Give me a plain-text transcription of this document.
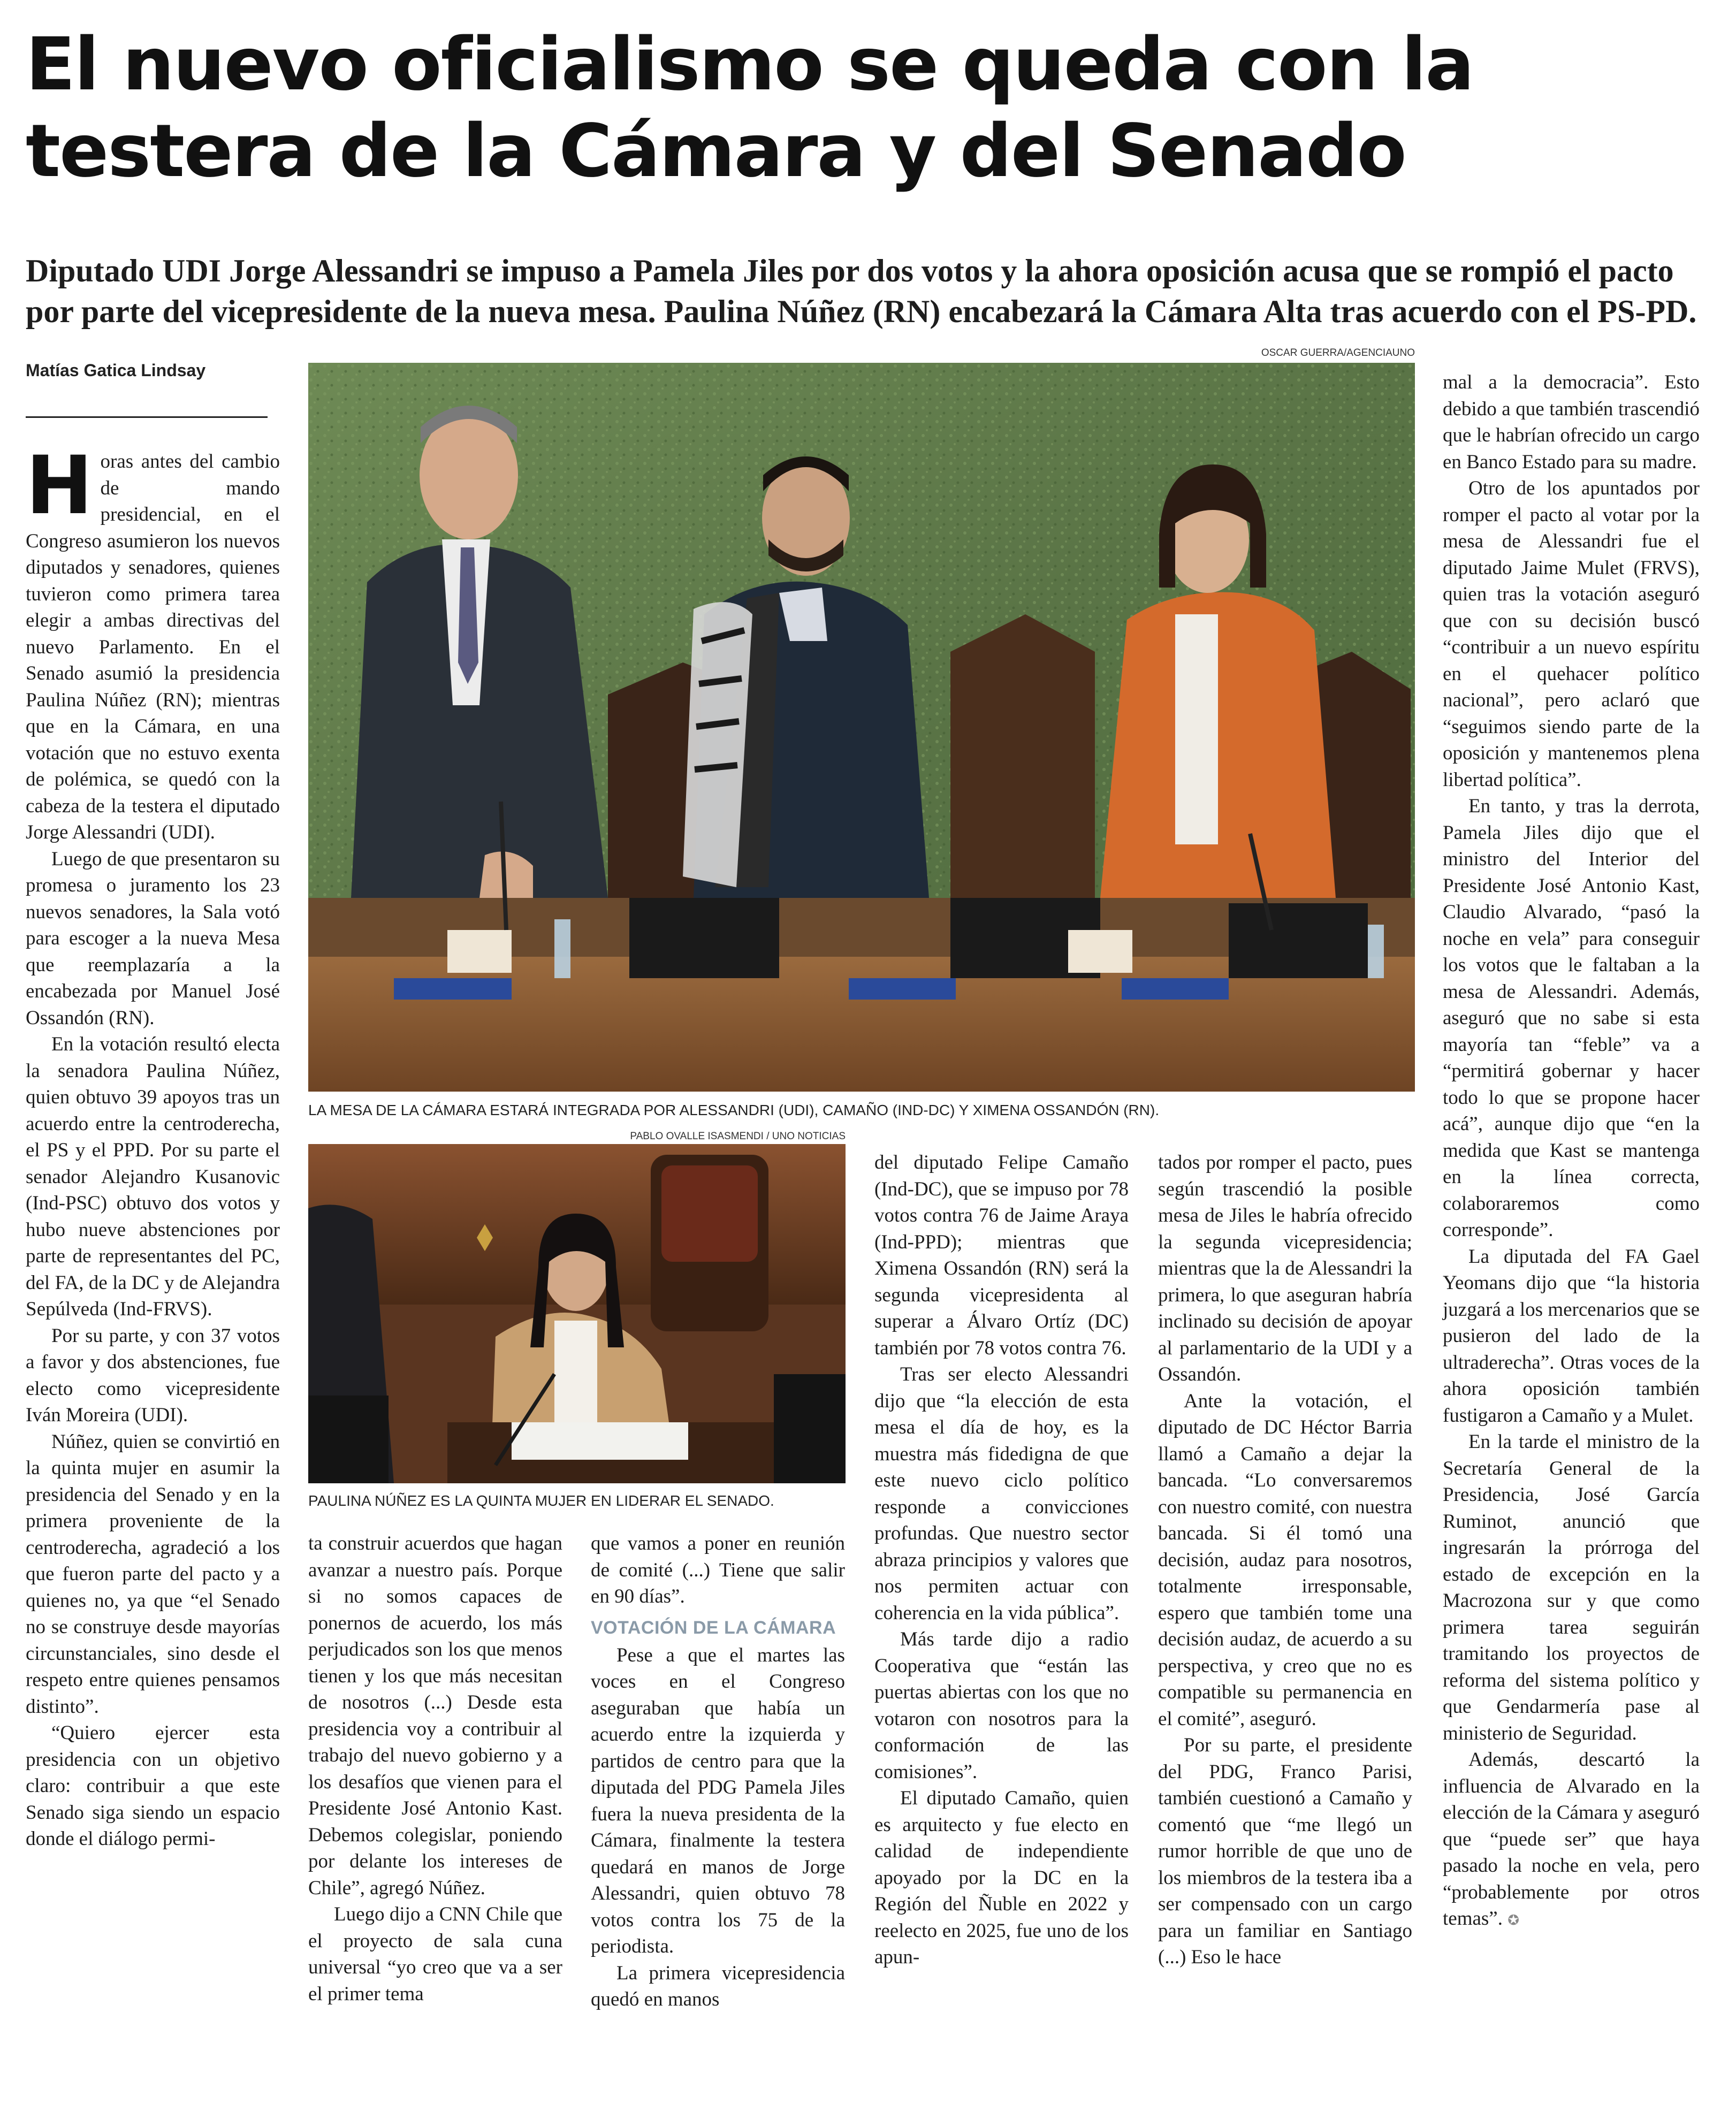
El nuevo oficialismo se queda con la
testera de la Cámara y del Senado
Diputado UDI Jorge Alessandri se impuso a Pamela Jiles por dos votos y la ahora oposición acusa que se rompió el pacto por parte del vicepresidente de la nueva mesa. Paulina Núñez (RN) encabezará la Cámara Alta tras acuerdo con el PS-PD.
Matías Gatica Lindsay

Horas antes del cambio de mando presidencial, en el Congreso asumieron los nuevos diputados y senadores, quienes tuvieron como primera tarea elegir a ambas directivas del nuevo Parlamento. En el Senado asumió la presidencia Paulina Núñez (RN); mientras que en la Cámara, en una votación que no estuvo exenta de polémica, se quedó con la cabeza de la testera el diputado Jorge Alessandri (UDI).

Luego de que presentaron su promesa o juramento los 23 nuevos senadores, la Sala votó para escoger a la nueva Mesa que reemplazaría a la encabezada por Manuel José Ossandón (RN).

En la votación resultó electa la senadora Paulina Núñez, quien obtuvo 39 apoyos tras un acuerdo entre la centroderecha, el PS y el PPD. Por su parte el senador Alejandro Kusanovic (Ind-PSC) obtuvo dos votos y hubo nueve abstenciones por parte de representantes del PC, del FA, de la DC y de Alejandra Sepúlveda (Ind-FRVS).

Por su parte, y con 37 votos a favor y dos abstenciones, fue electo como vicepresidente Iván Moreira (UDI).

Núñez, quien se convirtió en la quinta mujer en asumir la presidencia del Senado y en la primera proveniente de la centroderecha, agradeció a los que fueron parte del pacto y a quienes no, ya que “el Senado no se construye desde mayorías circunstanciales, sino desde el respeto entre quienes pensamos distinto”.

“Quiero ejercer esta presidencia con un objetivo claro: contribuir a que este Senado siga siendo un espacio donde el diálogo permi-

OSCAR GUERRA/AGENCIAUNO
LA MESA DE LA CÁMARA ESTARÁ INTEGRADA POR ALESSANDRI (UDI), CAMAÑO (IND-DC) Y XIMENA OSSANDÓN (RN).
PABLO OVALLE ISASMENDI / UNO NOTICIAS
PAULINA NÚÑEZ ES LA QUINTA MUJER EN LIDERAR EL SENADO.

ta construir acuerdos que hagan avanzar a nuestro país. Porque si no somos capaces de ponernos de acuerdo, los más perjudicados son los que menos tienen y los que más necesitan de nosotros (...) Desde esta presidencia voy a contribuir al trabajo del nuevo gobierno y a los desafíos que vienen para el Presidente José Antonio Kast. Debemos colegislar, poniendo por delante los intereses de Chile”, agregó Núñez.

Luego dijo a CNN Chile que el proyecto de sala cuna universal “yo creo que va a ser el primer tema

que vamos a poner en reunión de comité (...) Tiene que salir en 90 días”.

VOTACIÓN DE LA CÁMARA

Pese a que el martes las voces en el Congreso aseguraban que había un acuerdo entre la izquierda y partidos de centro para que la diputada del PDG Pamela Jiles fuera la nueva presidenta de la Cámara, finalmente la testera quedará en manos de Jorge Alessandri, quien obtuvo 78 votos contra los 75 de la periodista.

La primera vicepresidencia quedó en manos

del diputado Felipe Camaño (Ind-DC), que se impuso por 78 votos contra 76 de Jaime Araya (Ind-PPD); mientras que Ximena Ossandón (RN) será la segunda vicepresidenta al superar a Álvaro Ortíz (DC) también por 78 votos contra 76.

Tras ser electo Alessandri dijo que “la elección de esta mesa el día de hoy, es la muestra más fidedigna de que este nuevo ciclo político responde a convicciones profundas. Que nuestro sector abraza principios y valores que nos permiten actuar con coherencia en la vida pública”.

Más tarde dijo a radio Cooperativa que “están las puertas abiertas con los que no votaron con nosotros para la conformación de las comisiones”.

El diputado Camaño, quien es arquitecto y fue electo en calidad de independiente apoyado por la DC en la Región del Ñuble en 2022 y reelecto en 2025, fue uno de los apun-

tados por romper el pacto, pues según trascendió la posible mesa de Jiles le habría ofrecido la segunda vicepresidencia; mientras que la de Alessandri la primera, lo que aseguran habría inclinado su decisión de apoyar al parlamentario de la UDI y a Ossandón.

Ante la votación, el diputado de DC Héctor Barria llamó a Camaño a dejar la bancada. “Lo conversaremos con nuestro comité, con nuestra bancada. Si él tomó una decisión, audaz para nosotros, totalmente irresponsable, espero que también tome una decisión audaz, de acuerdo a su perspectiva, y creo que no es compatible su permanencia en el comité”, aseguró.

Por su parte, el presidente del PDG, Franco Parisi, también cuestionó a Camaño y comentó que “me llegó un rumor horrible de que uno de los miembros de la testera iba a ser compensado con un cargo para un familiar en Santiago (...) Eso le hace

mal a la democracia”. Esto debido a que también trascendió que le habrían ofrecido un cargo en Banco Estado para su madre.

Otro de los apuntados por romper el pacto al votar por la mesa de Alessandri fue el diputado Jaime Mulet (FRVS), quien tras la votación aseguró que con su decisión buscó “contribuir a un nuevo espíritu en el quehacer político nacional”, pero aclaró que “seguimos siendo parte de la oposición y mantenemos plena libertad política”.

En tanto, y tras la derrota, Pamela Jiles dijo que el ministro del Interior del Presidente José Antonio Kast, Claudio Alvarado, “pasó la noche en vela” para conseguir los votos que le faltaban a la mesa de Alessandri. Además, aseguró que no sabe si esta mayoría tan “feble” va a “permitirá gobernar y hacer todo lo que se propone hacer acá”, aunque dijo que “en la medida que Kast se mantenga en la línea correcta, colaboraremos como corresponde”.

La diputada del FA Gael Yeomans dijo que “la historia juzgará a los mercenarios que se pusieron del lado de la ultraderecha”. Otras voces de la ahora oposición también fustigaron a Camaño y a Mulet.

En la tarde el ministro de la Secretaría General de la Presidencia, José García Ruminot, anunció que ingresarán la prórroga del estado de excepción en la Macrozona sur y que como primera tarea seguirán tramitando los proyectos de reforma del sistema político y que Gendarmería pase al ministerio de Seguridad.

Además, descartó la influencia de Alvarado en la elección de la Cámara y aseguró que “puede ser” que haya pasado la noche en vela, pero “probablemente por otros temas”. ✪
